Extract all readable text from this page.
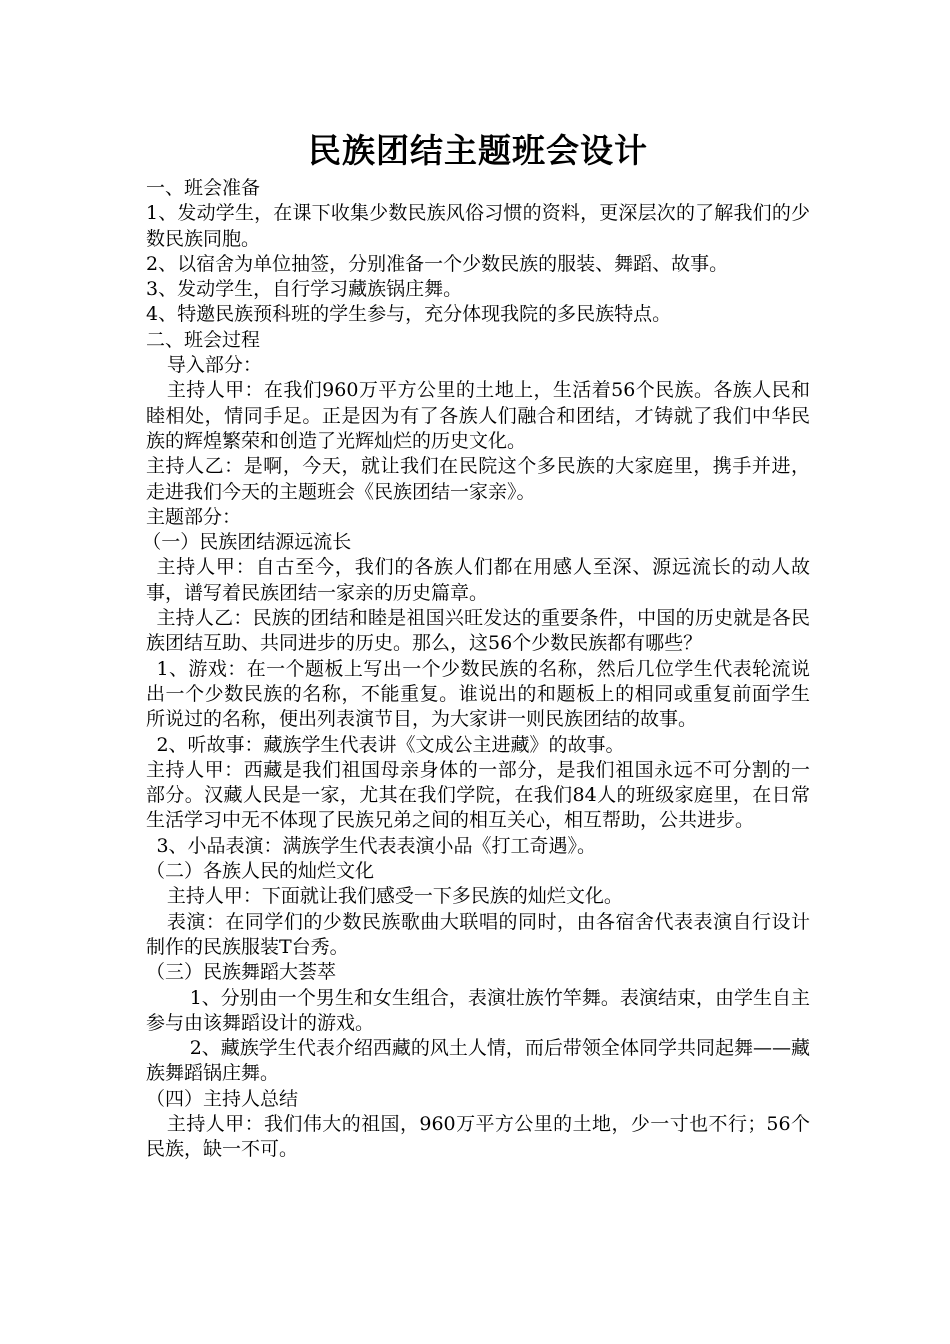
民族团结主题班会设计

一、班会准备

1、发动学生，在课下收集少数民族风俗习惯的资料，更深层次的了解我们的少数民族同胞。

2、以宿舍为单位抽签，分别准备一个少数民族的服装、舞蹈、故事。

3、发动学生，自行学习藏族锅庄舞。

4、特邀民族预科班的学生参与，充分体现我院的多民族特点。

二、班会过程

导入部分：

主持人甲：在我们960万平方公里的土地上，生活着56个民族。各族人民和睦相处，情同手足。正是因为有了各族人们融合和团结，才铸就了我们中华民族的辉煌繁荣和创造了光辉灿烂的历史文化。

主持人乙：是啊，今天，就让我们在民院这个多民族的大家庭里，携手并进，走进我们今天的主题班会《民族团结一家亲》。

主题部分：

（一）民族团结源远流长

主持人甲：自古至今，我们的各族人们都在用感人至深、源远流长的动人故事，谱写着民族团结一家亲的历史篇章。

主持人乙：民族的团结和睦是祖国兴旺发达的重要条件，中国的历史就是各民族团结互助、共同进步的历史。那么，这56个少数民族都有哪些？

1、游戏：在一个题板上写出一个少数民族的名称，然后几位学生代表轮流说出一个少数民族的名称，不能重复。谁说出的和题板上的相同或重复前面学生所说过的名称，便出列表演节目，为大家讲一则民族团结的故事。

2、听故事：藏族学生代表讲《文成公主进藏》的故事。

主持人甲：西藏是我们祖国母亲身体的一部分，是我们祖国永远不可分割的一部分。汉藏人民是一家，尤其在我们学院，在我们84人的班级家庭里，在日常生活学习中无不体现了民族兄弟之间的相互关心，相互帮助，公共进步。

3、小品表演：满族学生代表表演小品《打工奇遇》。

（二）各族人民的灿烂文化

主持人甲：下面就让我们感受一下多民族的灿烂文化。

表演：在同学们的少数民族歌曲大联唱的同时，由各宿舍代表表演自行设计制作的民族服装T台秀。

（三）民族舞蹈大荟萃

1、分别由一个男生和女生组合，表演壮族竹竿舞。表演结束，由学生自主参与由该舞蹈设计的游戏。

2、藏族学生代表介绍西藏的风土人情，而后带领全体同学共同起舞——藏族舞蹈锅庄舞。

（四）主持人总结

主持人甲：我们伟大的祖国，960万平方公里的土地，少一寸也不行；56个民族，缺一不可。
